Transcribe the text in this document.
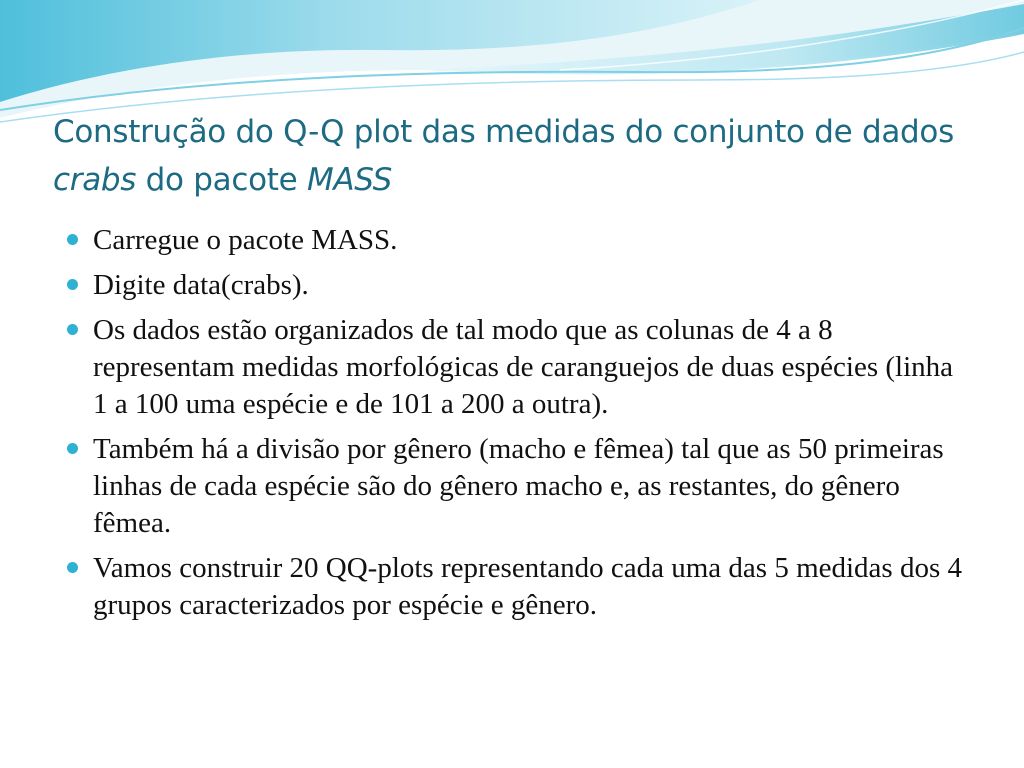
Construção do Q-Q plot das medidas do conjunto de dados crabs do pacote MASS
Carregue o pacote MASS.
Digite data(crabs).
Os dados estão organizados de tal modo que as colunas de 4 a 8 representam medidas morfológicas de caranguejos de duas espécies (linha 1 a 100 uma espécie e de 101 a 200 a outra).
Também há a divisão por gênero (macho e fêmea) tal que as 50 primeiras linhas de cada espécie são do gênero macho e, as restantes, do gênero fêmea.
Vamos construir 20 QQ-plots representando cada uma das 5 medidas dos 4 grupos caracterizados por espécie e gênero.
